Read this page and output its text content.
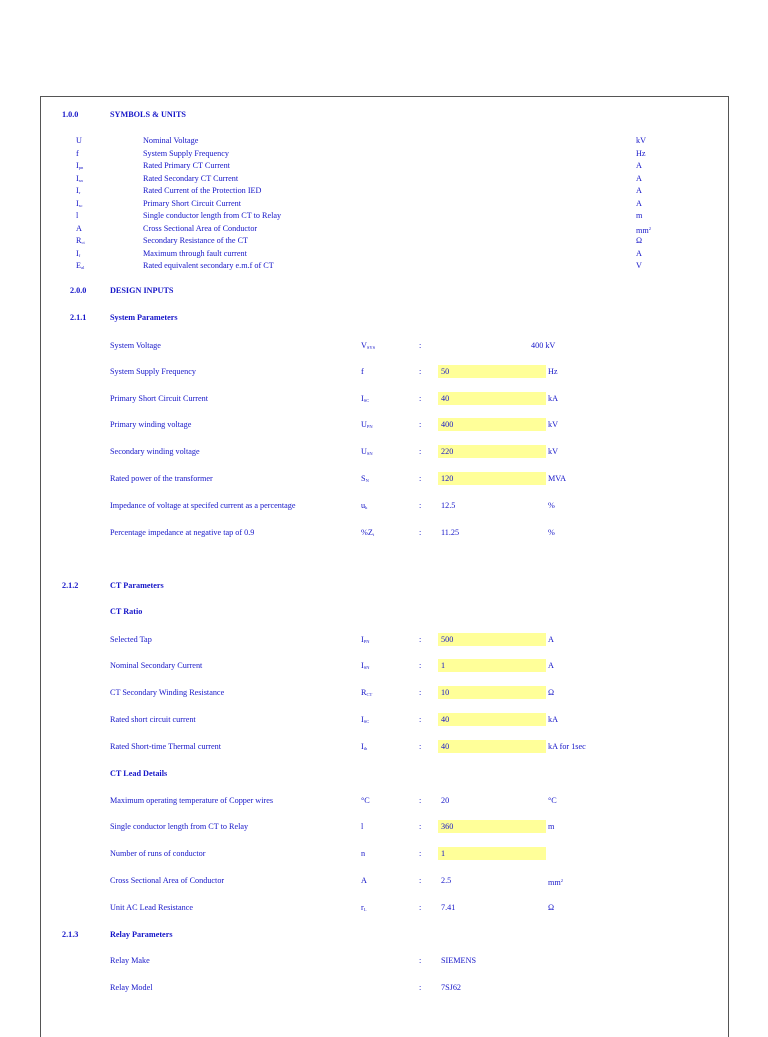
1.0.0	SYMBOLS & UNITS
U	Nominal Voltage	kV
f	System Supply Frequency	Hz
$I_{pn}$	Rated Primary CT Current	A
$I_{sn}$	Rated Secondary CT Current	A
$I_r$	Rated Current of the Protection IED	A
$I_{sc}$	Primary Short Circuit Current	A
l	Single conductor length from CT to Relay	m
A	Cross Sectional Area of Conductor	$mm^2$
$R_{ct}$	Secondary Resistance of the CT	Ω
$I_f$	Maximum through fault current	A
$E_{al}$	Rated equivalent secondary e.m.f of CT	V
2.0.0	DESIGN INPUTS
2.1.1	System Parameters
System Voltage	$V_{SYS}$	:	400 kV
System Supply Frequency	f	: 50	Hz
Primary Short Circuit Current	$I_{SC}$	: 40	kA
Primary winding voltage	$U_{PN}$	: 400	kV
Secondary winding voltage	$U_{SN}$	: 220	kV
Rated power of the transformer	$S_N$	: 120	MVA
Impedance of voltage at specifed current as a percentage	$u_k$	: 12.5	%
Percentage impedance at negative tap of 0.9	$\%Z_t$	: 11.25	%
2.1.2	CT Parameters
CT Ratio
Selected Tap	$I_{PN}$	: 500	A
Nominal Secondary Current	$I_{SN}$	: 1	A
CT Secondary Winding Resistance	$R_{CT}$	: 10	Ω
Rated short circuit current	$I_{SC}$	: 40	kA
Rated Short-time Thermal current	$I_{th}$	: 40	kA for 1sec
CT Lead Details
Maximum operating temperature of Copper wires	°C	: 20	°C
Single conductor length from CT to Relay	l	: 360	m
Number of runs of conductor	n	: 1
Cross Sectional Area of Conductor	A	: 2.5	$mm^2$
Unit AC Lead Resistance	$r_L$	: 7.41	Ω
2.1.3	Relay Parameters
Relay Make	: SIEMENS
Relay Model	: 7SJ62
